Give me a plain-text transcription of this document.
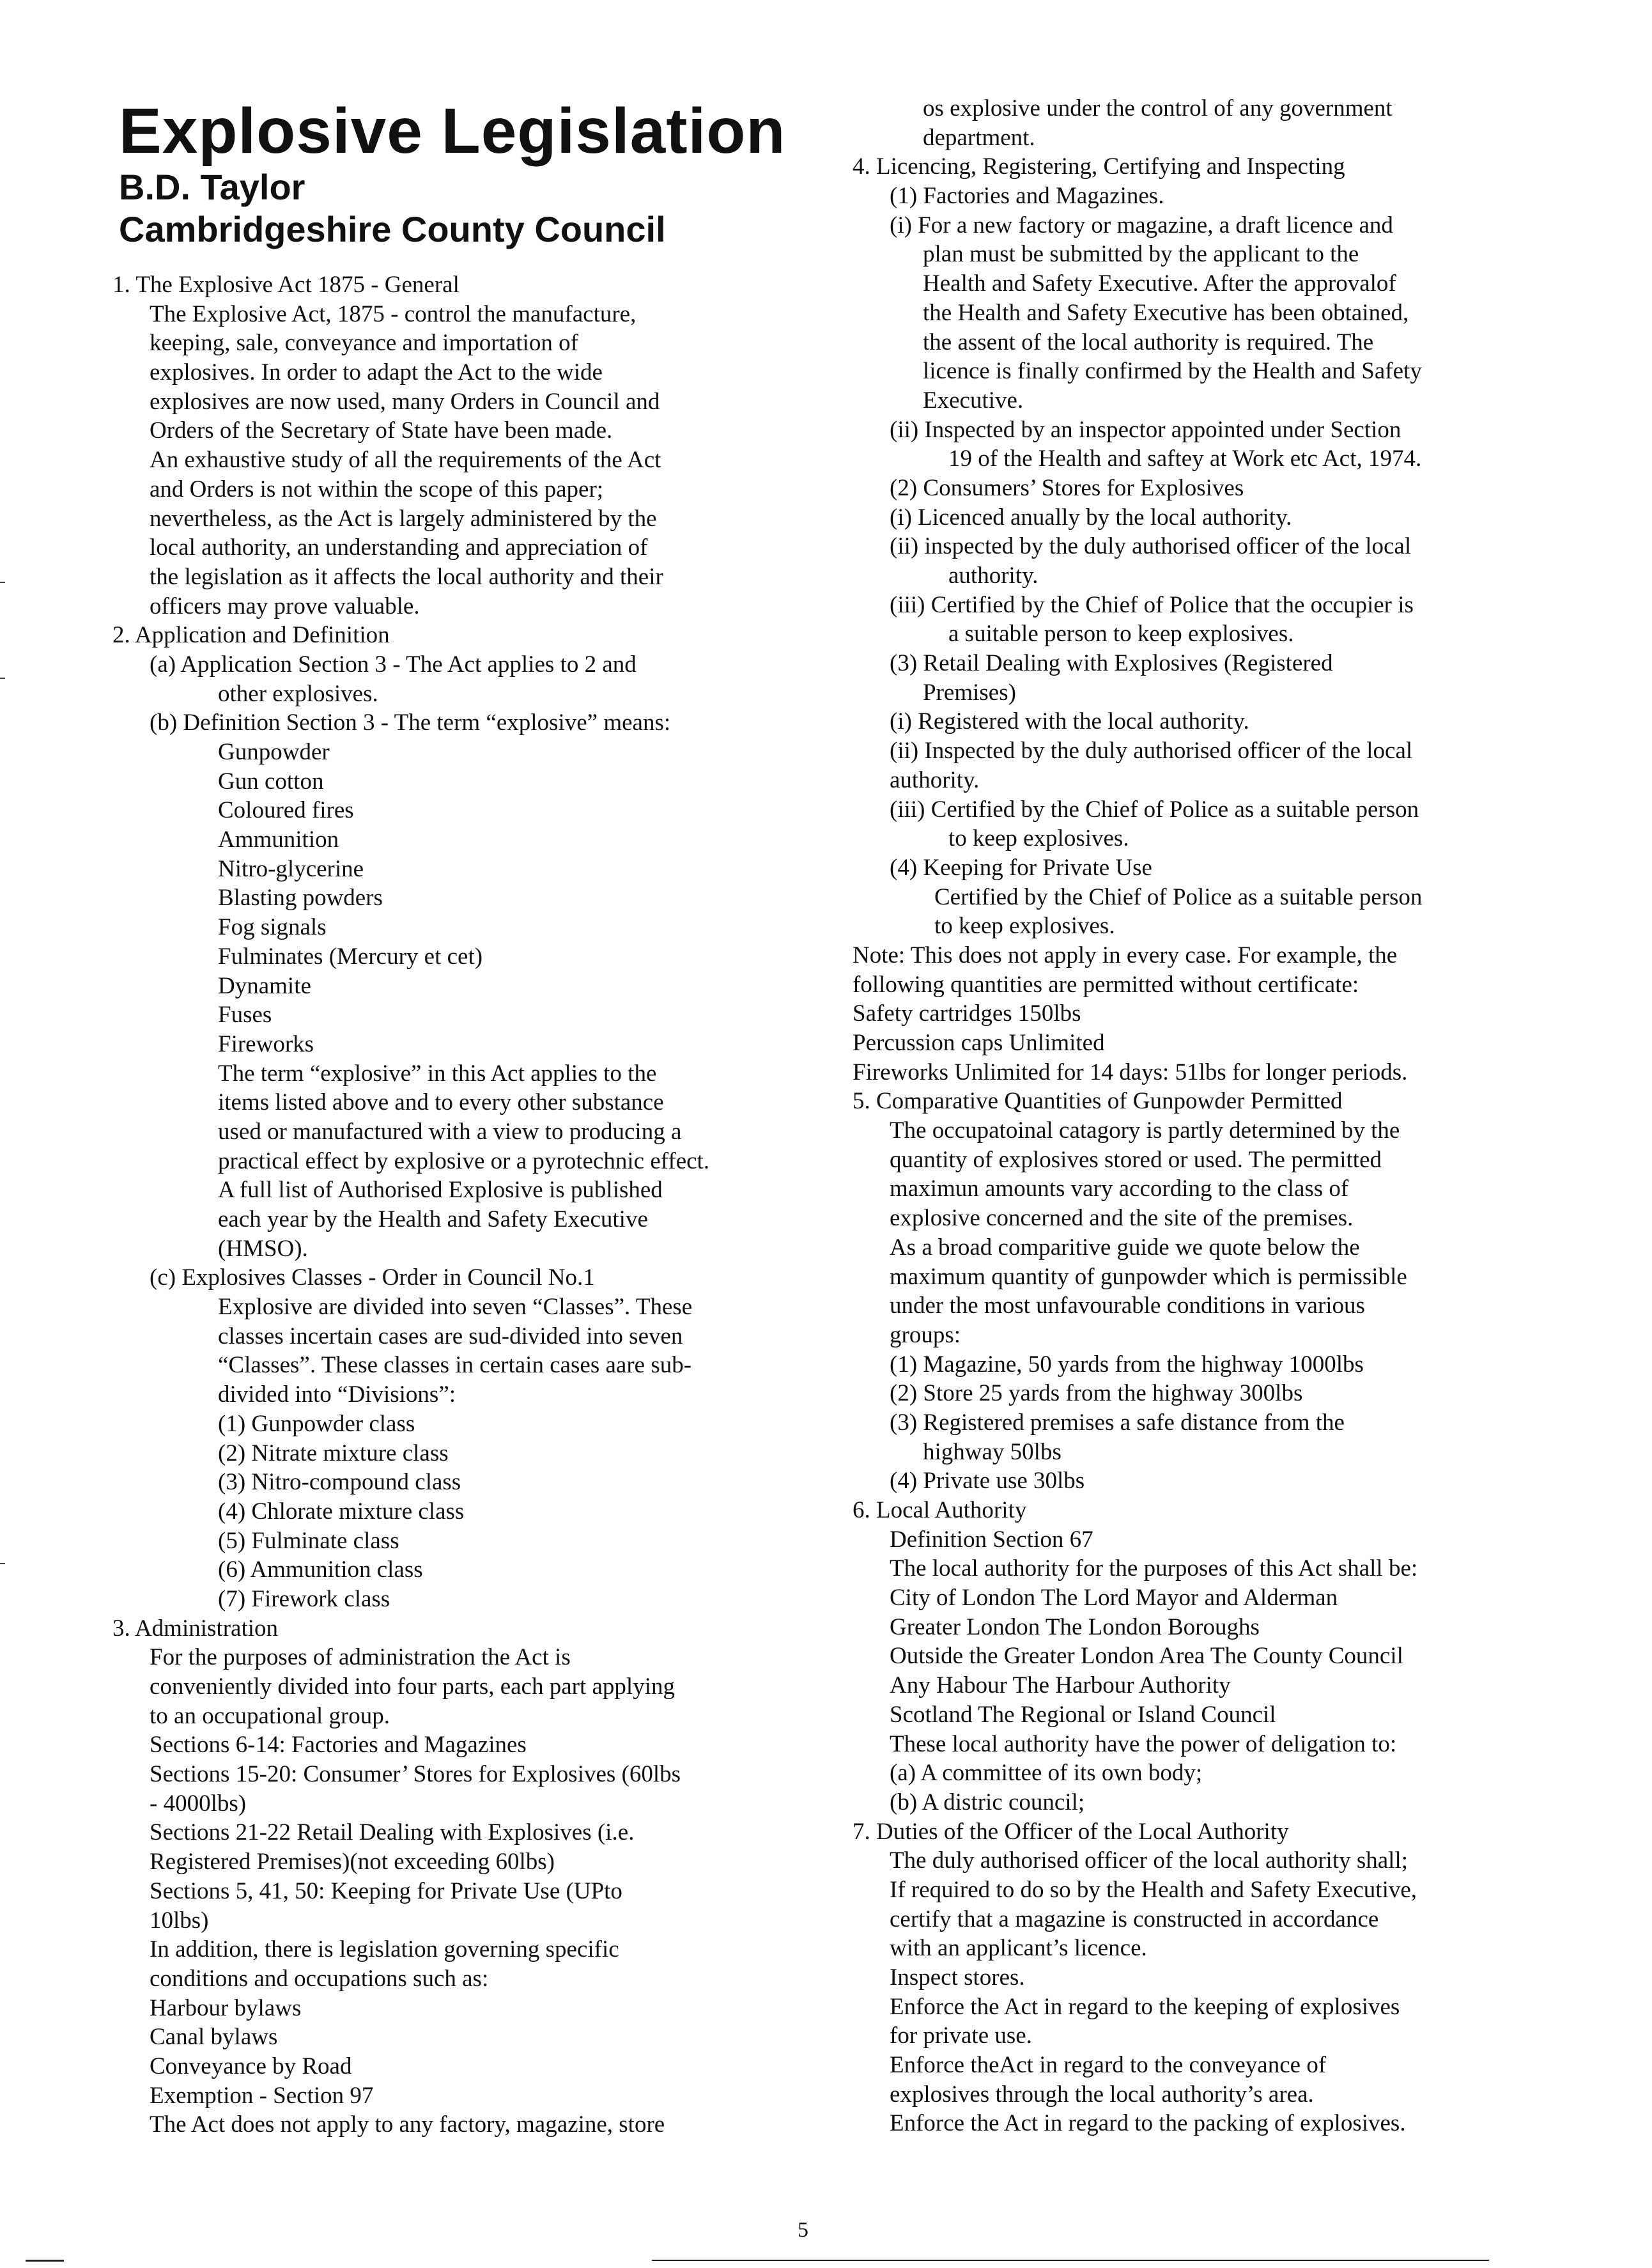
Explosive Legislation

B.D. Taylor

Cambridgeshire County Council

1. The Explosive Act 1875 - General
The Explosive Act, 1875 - control the manufacture,
keeping, sale, conveyance and importation of
explosives. In order to adapt the Act to the wide
explosives are now used, many Orders in Council and
Orders of the Secretary of State have been made.
An exhaustive study of all the requirements of the Act
and Orders is not within the scope of this paper;
nevertheless, as the Act is largely administered by the
local authority, an understanding and appreciation of
the legislation as it affects the local authority and their
officers may prove valuable.
2. Application and Definition
(a) Application Section 3 - The Act applies to 2 and
other explosives.
(b) Definition Section 3 - The term “explosive” means:
Gunpowder
Gun cotton
Coloured fires
Ammunition
Nitro-glycerine
Blasting powders
Fog signals
Fulminates (Mercury et cet)
Dynamite
Fuses
Fireworks
The term “explosive” in this Act applies to the
items listed above and to every other substance
used or manufactured with a view to producing a
practical effect by explosive or a pyrotechnic effect.
A full list of Authorised Explosive is published
each year by the Health and Safety Executive
(HMSO).
(c) Explosives Classes - Order in Council No.1
Explosive are divided into seven “Classes”. These
classes incertain cases are sud-divided into seven
“Classes”. These classes in certain cases aare sub-
divided into “Divisions”:
(1) Gunpowder class
(2) Nitrate mixture class
(3) Nitro-compound class
(4) Chlorate mixture class
(5) Fulminate class
(6) Ammunition class
(7) Firework class
3. Administration
For the purposes of administration the Act is
conveniently divided into four parts, each part applying
to an occupational group.
Sections 6-14: Factories and Magazines
Sections 15-20: Consumer’ Stores for Explosives (60lbs
- 4000lbs)
Sections 21-22 Retail Dealing with Explosives (i.e.
Registered Premises)(not exceeding 60lbs)
Sections 5, 41, 50: Keeping for Private Use (UPto
10lbs)
In addition, there is legislation governing specific
conditions and occupations such as:
Harbour bylaws
Canal bylaws
Conveyance by Road
Exemption - Section 97
The Act does not apply to any factory, magazine, store
os explosive under the control of any government
department.
4. Licencing, Registering, Certifying and Inspecting
(1) Factories and Magazines.
(i) For a new factory or magazine, a draft licence and
plan must be submitted by the applicant to the
Health and Safety Executive. After the approvalof
the Health and Safety Executive has been obtained,
the assent of the local authority is required. The
licence is finally confirmed by the Health and Safety
Executive.
(ii) Inspected by an inspector appointed under Section
19 of the Health and saftey at Work etc Act, 1974.
(2) Consumers’ Stores for Explosives
(i) Licenced anually by the local authority.
(ii) inspected by the duly authorised officer of the local
authority.
(iii) Certified by the Chief of Police that the occupier is
a suitable person to keep explosives.
(3) Retail Dealing with Explosives (Registered
Premises)
(i) Registered with the local authority.
(ii) Inspected by the duly authorised officer of the local
authority.
(iii) Certified by the Chief of Police as a suitable person
to keep explosives.
(4) Keeping for Private Use
Certified by the Chief of Police as a suitable person
to keep explosives.
Note: This does not apply in every case. For example, the
following quantities are permitted without certificate:
Safety cartridges 150lbs
Percussion caps Unlimited
Fireworks Unlimited for 14 days: 51lbs for longer periods.
5. Comparative Quantities of Gunpowder Permitted
The occupatoinal catagory is partly determined by the
quantity of explosives stored or used. The permitted
maximun amounts vary according to the class of
explosive concerned and the site of the premises.
As a broad comparitive guide we quote below the
maximum quantity of gunpowder which is permissible
under the most unfavourable conditions in various
groups:
(1) Magazine, 50 yards from the highway 1000lbs
(2) Store 25 yards from the highway 300lbs
(3) Registered premises a safe distance from the
highway 50lbs
(4) Private use 30lbs
6. Local Authority
Definition Section 67
The local authority for the purposes of this Act shall be:
City of London The Lord Mayor and Alderman
Greater London The London Boroughs
Outside the Greater London Area The County Council
Any Habour The Harbour Authority
Scotland The Regional or Island Council
These local authority have the power of deligation to:
(a) A committee of its own body;
(b) A distric council;
7. Duties of the Officer of the Local Authority
The duly authorised officer of the local authority shall;
If required to do so by the Health and Safety Executive,
certify that a magazine is constructed in accordance
with an applicant’s licence.
Inspect stores.
Enforce the Act in regard to the keeping of explosives
for private use.
Enforce theAct in regard to the conveyance of
explosives through the local authority’s area.
Enforce the Act in regard to the packing of explosives.
5
